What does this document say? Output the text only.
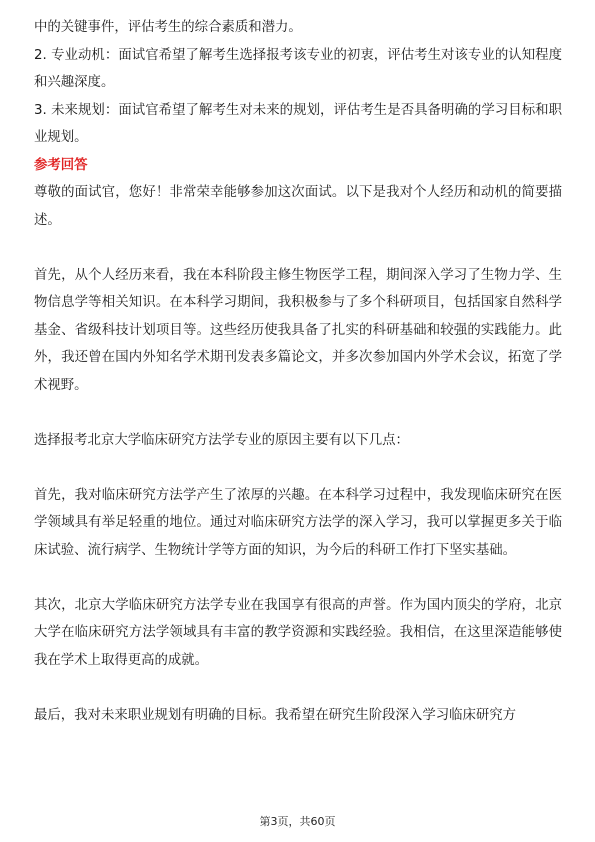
中的关键事件，评估考生的综合素质和潜力。

2. 专业动机：面试官希望了解考生选择报考该专业的初衷，评估考生对该专业的认知程度和兴趣深度。

3. 未来规划：面试官希望了解考生对未来的规划，评估考生是否具备明确的学习目标和职业规划。

参考回答

尊敬的面试官，您好！非常荣幸能够参加这次面试。以下是我对个人经历和动机的简要描述。

首先，从个人经历来看，我在本科阶段主修生物医学工程，期间深入学习了生物力学、生物信息学等相关知识。在本科学习期间，我积极参与了多个科研项目，包括国家自然科学基金、省级科技计划项目等。这些经历使我具备了扎实的科研基础和较强的实践能力。此外，我还曾在国内外知名学术期刊发表多篇论文，并多次参加国内外学术会议，拓宽了学术视野。

选择报考北京大学临床研究方法学专业的原因主要有以下几点：

首先，我对临床研究方法学产生了浓厚的兴趣。在本科学习过程中，我发现临床研究在医学领域具有举足轻重的地位。通过对临床研究方法学的深入学习，我可以掌握更多关于临床试验、流行病学、生物统计学等方面的知识，为今后的科研工作打下坚实基础。

其次，北京大学临床研究方法学专业在我国享有很高的声誉。作为国内顶尖的学府，北京大学在临床研究方法学领域具有丰富的教学资源和实践经验。我相信，在这里深造能够使我在学术上取得更高的成就。

最后，我对未来职业规划有明确的目标。我希望在研究生阶段深入学习临床研究方

第3页，共60页
